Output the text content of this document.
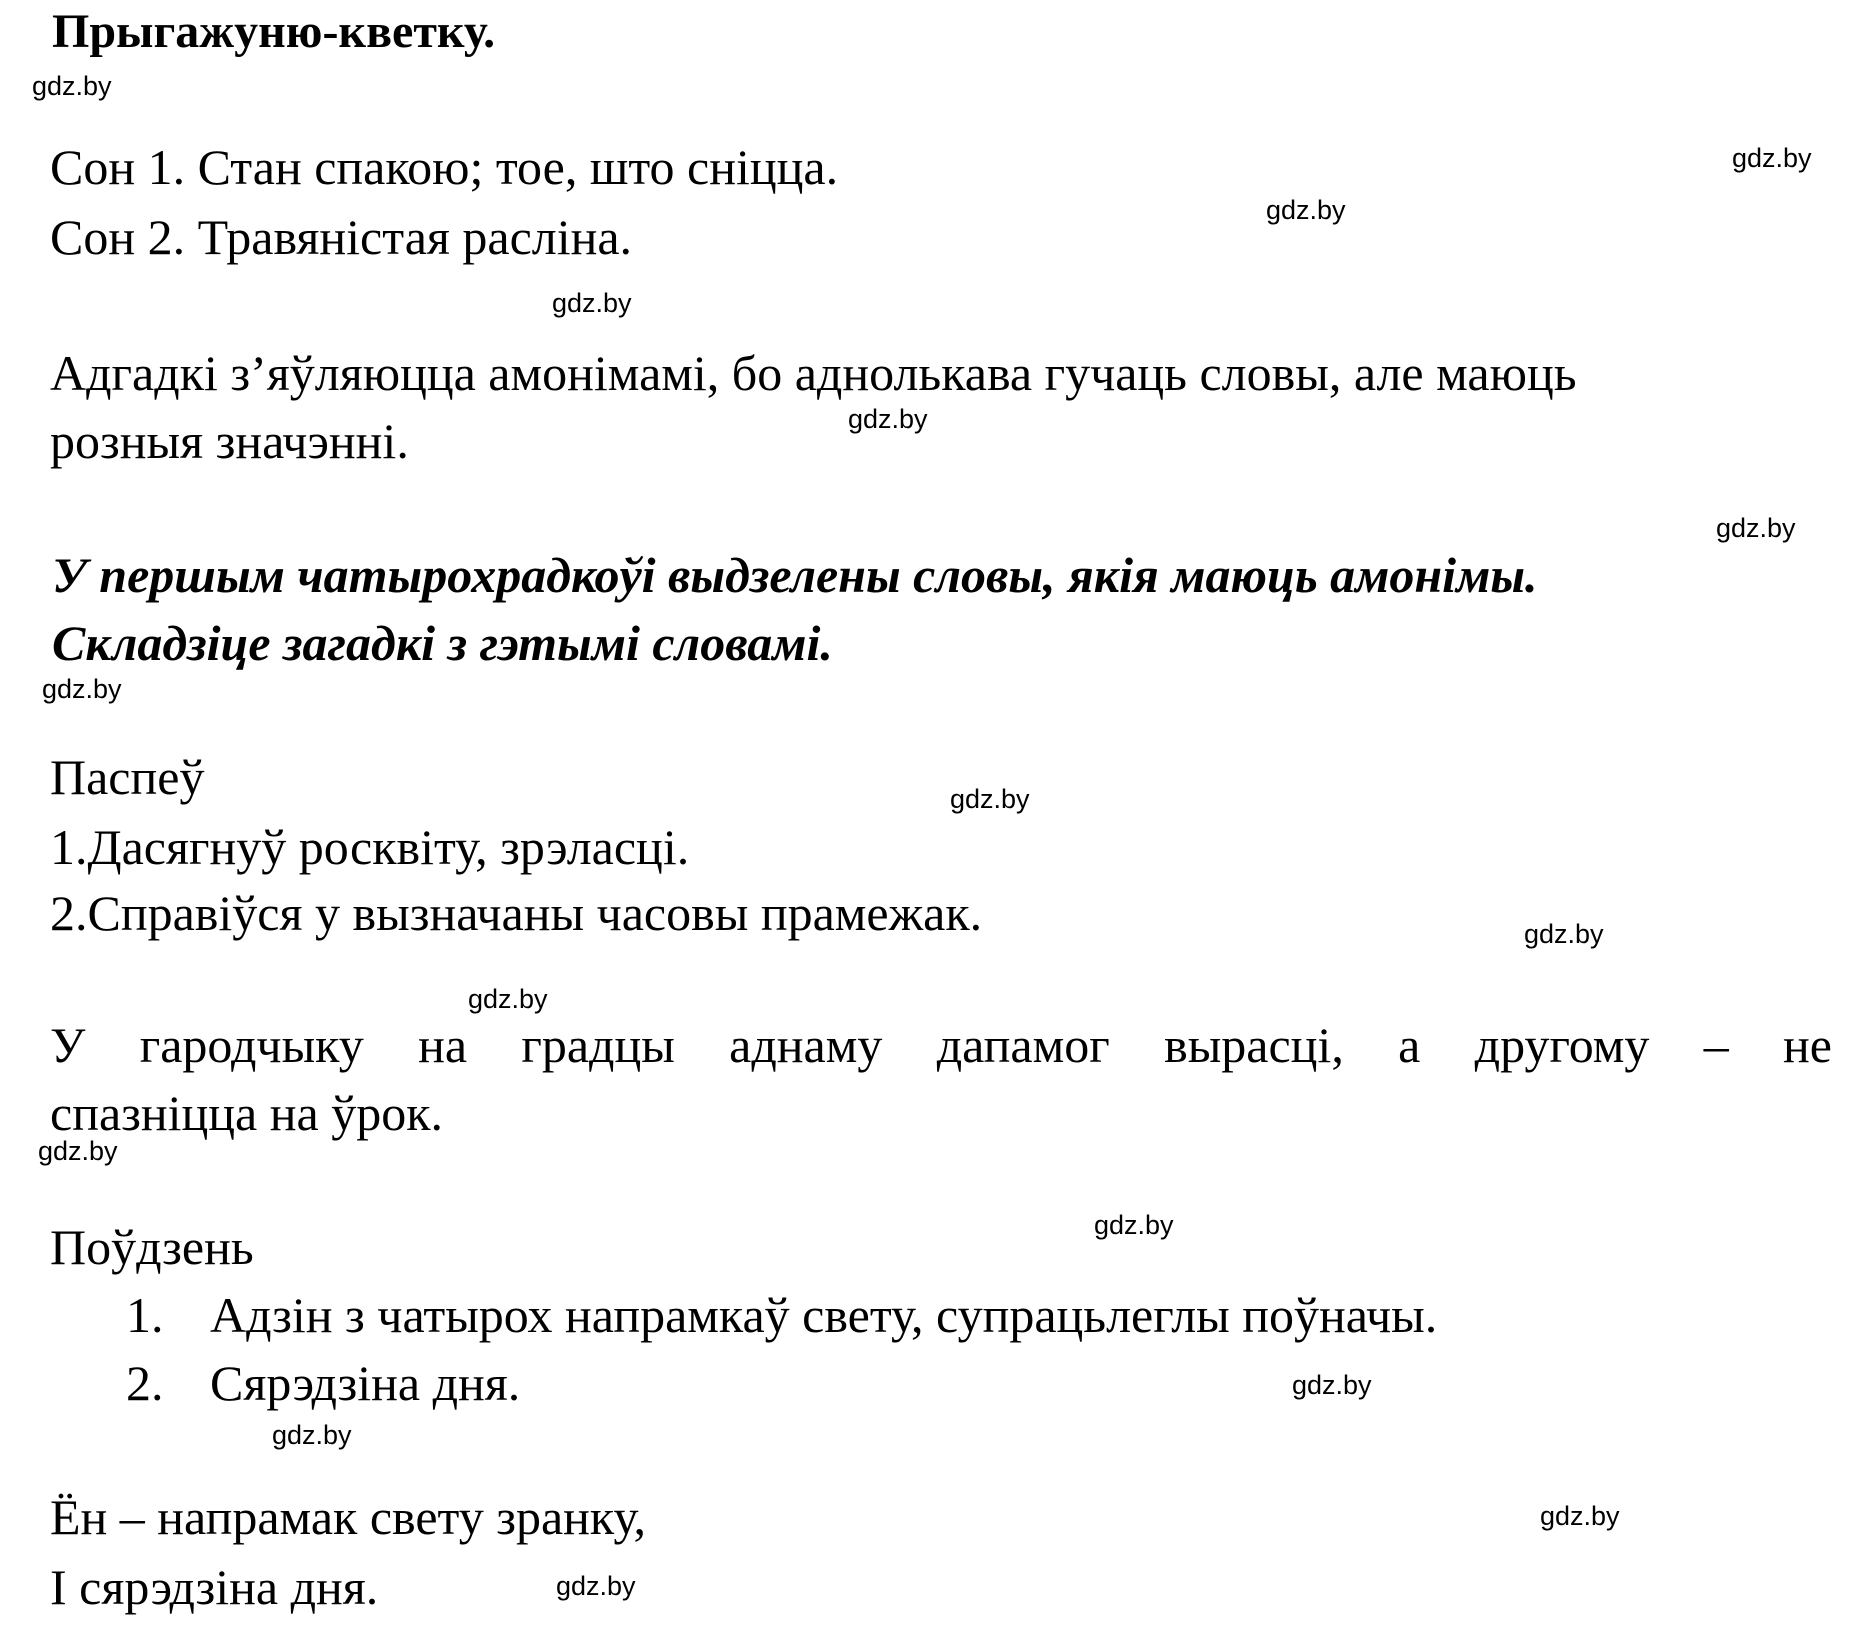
Прыгажуню-кветку.
Сон 1. Стан спакою; тое, што сніцца.
Сон 2. Травяністая расліна.
Адгадкі з’яўляюцца амонімамі, бо аднолькава гучаць словы, але маюць
розныя значэнні.
У першым чатырохрадкоўі выдзелены словы, якія маюць амонімы.
Складзіце загадкі з гэтымі словамі.
Паспеў
1.Дасягнуў росквіту, зрэласці.
2.Справіўся у вызначаны часовы прамежак.
У гародчыку на градцы аднаму дапамог вырасці, а другому – не
спазніцца на ўрок.
Поўдзень
1. Адзін з чатырох напрамкаў свету, супрацьлеглы поўначы.
2. Сярэдзіна дня.
Ён – напрамак свету зранку,
І сярэдзіна дня.
gdz.by
gdz.by
gdz.by
gdz.by
gdz.by
gdz.by
gdz.by
gdz.by
gdz.by
gdz.by
gdz.by
gdz.by
gdz.by
gdz.by
gdz.by
gdz.by
